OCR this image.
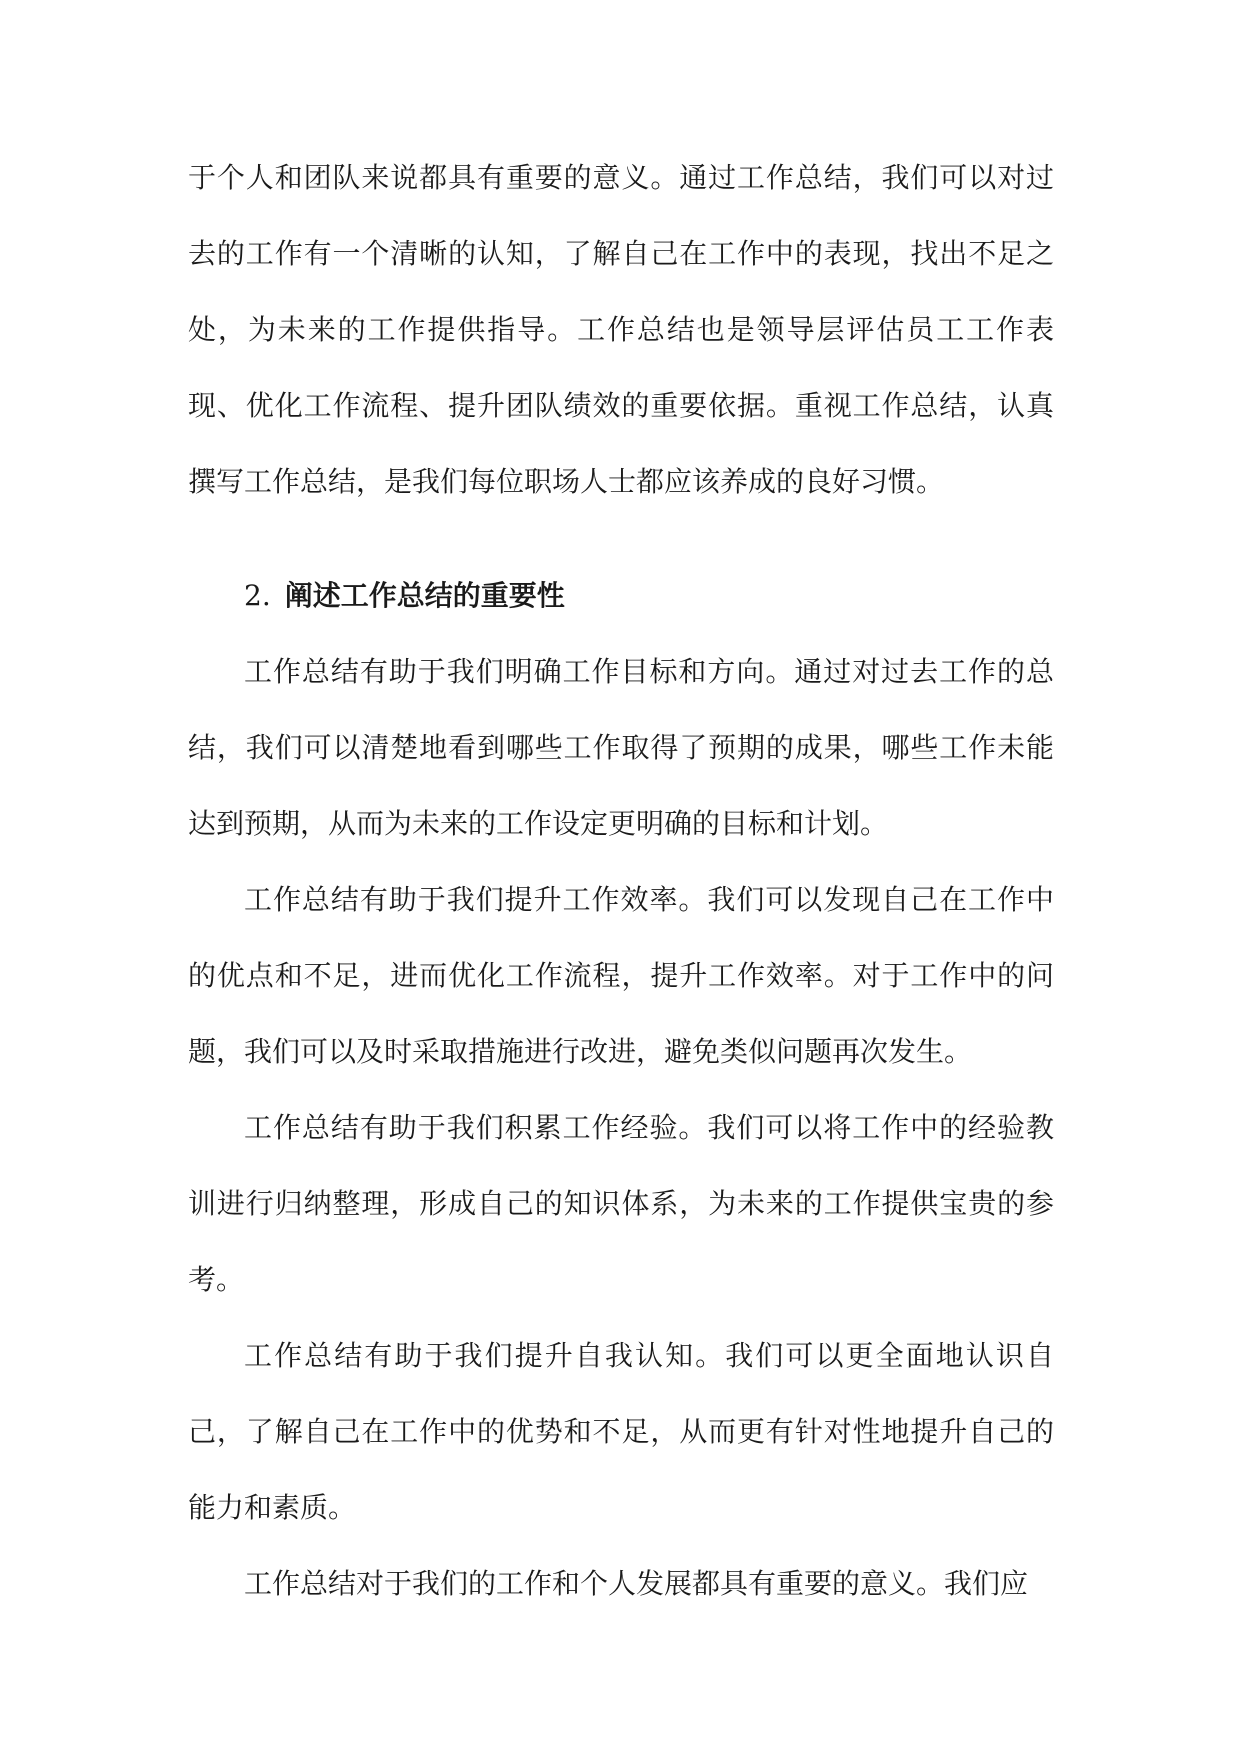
于个人和团队来说都具有重要的意义。通过工作总结，我们可以对过去的工作有一个清晰的认知，了解自己在工作中的表现，找出不足之处，为未来的工作提供指导。工作总结也是领导层评估员工工作表现、优化工作流程、提升团队绩效的重要依据。重视工作总结，认真撰写工作总结，是我们每位职场人士都应该养成的良好习惯。

2. 阐述工作总结的重要性

工作总结有助于我们明确工作目标和方向。通过对过去工作的总结，我们可以清楚地看到哪些工作取得了预期的成果，哪些工作未能达到预期，从而为未来的工作设定更明确的目标和计划。

工作总结有助于我们提升工作效率。我们可以发现自己在工作中的优点和不足，进而优化工作流程，提升工作效率。对于工作中的问题，我们可以及时采取措施进行改进，避免类似问题再次发生。

工作总结有助于我们积累工作经验。我们可以将工作中的经验教训进行归纳整理，形成自己的知识体系，为未来的工作提供宝贵的参考。

工作总结有助于我们提升自我认知。我们可以更全面地认识自己，了解自己在工作中的优势和不足，从而更有针对性地提升自己的能力和素质。

工作总结对于我们的工作和个人发展都具有重要的意义。我们应
